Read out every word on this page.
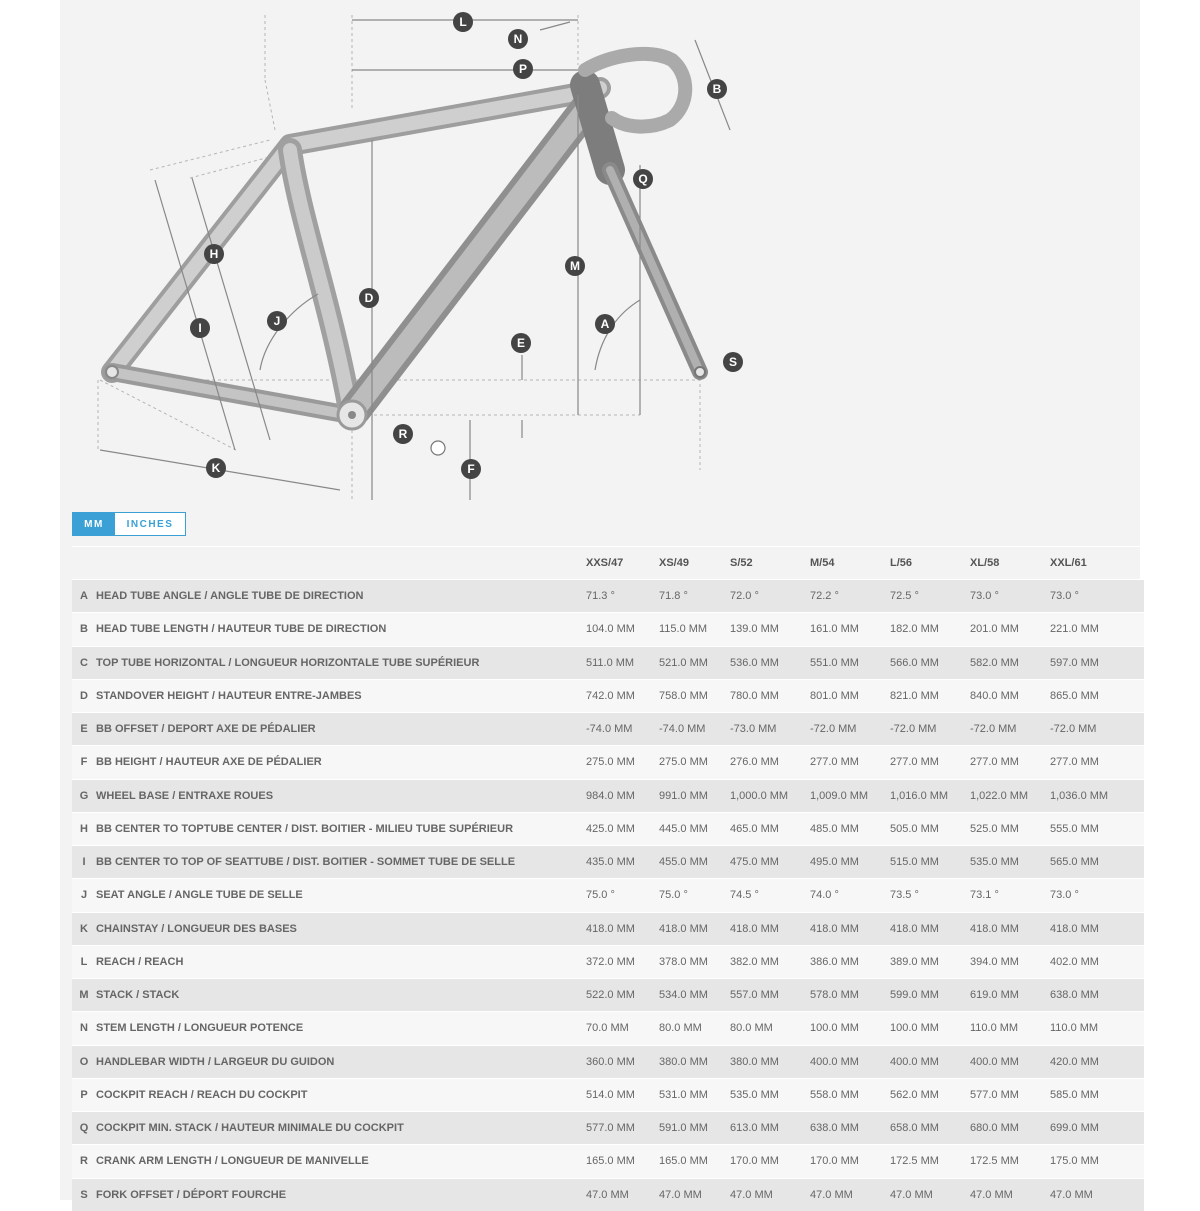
L
N
P
B
Q
H
M
D
J	A
I
E
S
R
K	F
MM	INCHES
		XXS/47	XS/49	S/52	M/54	L/56	XL/58	XXL/61
A	HEAD TUBE ANGLE / ANGLE TUBE DE DIRECTION	71.3 °	71.8 °	72.0 °	72.2 °	72.5 °	73.0 °	73.0 °
B	HEAD TUBE LENGTH / HAUTEUR TUBE DE DIRECTION	104.0 MM	115.0 MM	139.0 MM	161.0 MM	182.0 MM	201.0 MM	221.0 MM
C	TOP TUBE HORIZONTAL / LONGUEUR HORIZONTALE TUBE SUPÉRIEUR	511.0 MM	521.0 MM	536.0 MM	551.0 MM	566.0 MM	582.0 MM	597.0 MM
D	STANDOVER HEIGHT / HAUTEUR ENTRE-JAMBES	742.0 MM	758.0 MM	780.0 MM	801.0 MM	821.0 MM	840.0 MM	865.0 MM
E	BB OFFSET / DEPORT AXE DE PÉDALIER	-74.0 MM	-74.0 MM	-73.0 MM	-72.0 MM	-72.0 MM	-72.0 MM	-72.0 MM
F	BB HEIGHT / HAUTEUR AXE DE PÉDALIER	275.0 MM	275.0 MM	276.0 MM	277.0 MM	277.0 MM	277.0 MM	277.0 MM
G	WHEEL BASE / ENTRAXE ROUES	984.0 MM	991.0 MM	1,000.0 MM	1,009.0 MM	1,016.0 MM	1,022.0 MM	1,036.0 MM
H	BB CENTER TO TOPTUBE CENTER / DIST. BOITIER - MILIEU TUBE SUPÉRIEUR	425.0 MM	445.0 MM	465.0 MM	485.0 MM	505.0 MM	525.0 MM	555.0 MM
I	BB CENTER TO TOP OF SEATTUBE / DIST. BOITIER - SOMMET TUBE DE SELLE	435.0 MM	455.0 MM	475.0 MM	495.0 MM	515.0 MM	535.0 MM	565.0 MM
J	SEAT ANGLE / ANGLE TUBE DE SELLE	75.0 °	75.0 °	74.5 °	74.0 °	73.5 °	73.1 °	73.0 °
K	CHAINSTAY / LONGUEUR DES BASES	418.0 MM	418.0 MM	418.0 MM	418.0 MM	418.0 MM	418.0 MM	418.0 MM
L	REACH / REACH	372.0 MM	378.0 MM	382.0 MM	386.0 MM	389.0 MM	394.0 MM	402.0 MM
M	STACK / STACK	522.0 MM	534.0 MM	557.0 MM	578.0 MM	599.0 MM	619.0 MM	638.0 MM
N	STEM LENGTH / LONGUEUR POTENCE	70.0 MM	80.0 MM	80.0 MM	100.0 MM	100.0 MM	110.0 MM	110.0 MM
O	HANDLEBAR WIDTH / LARGEUR DU GUIDON	360.0 MM	380.0 MM	380.0 MM	400.0 MM	400.0 MM	400.0 MM	420.0 MM
P	COCKPIT REACH / REACH DU COCKPIT	514.0 MM	531.0 MM	535.0 MM	558.0 MM	562.0 MM	577.0 MM	585.0 MM
Q	COCKPIT MIN. STACK / HAUTEUR MINIMALE DU COCKPIT	577.0 MM	591.0 MM	613.0 MM	638.0 MM	658.0 MM	680.0 MM	699.0 MM
R	CRANK ARM LENGTH / LONGUEUR DE MANIVELLE	165.0 MM	165.0 MM	170.0 MM	170.0 MM	172.5 MM	172.5 MM	175.0 MM
S	FORK OFFSET / DÉPORT FOURCHE	47.0 MM	47.0 MM	47.0 MM	47.0 MM	47.0 MM	47.0 MM	47.0 MM
